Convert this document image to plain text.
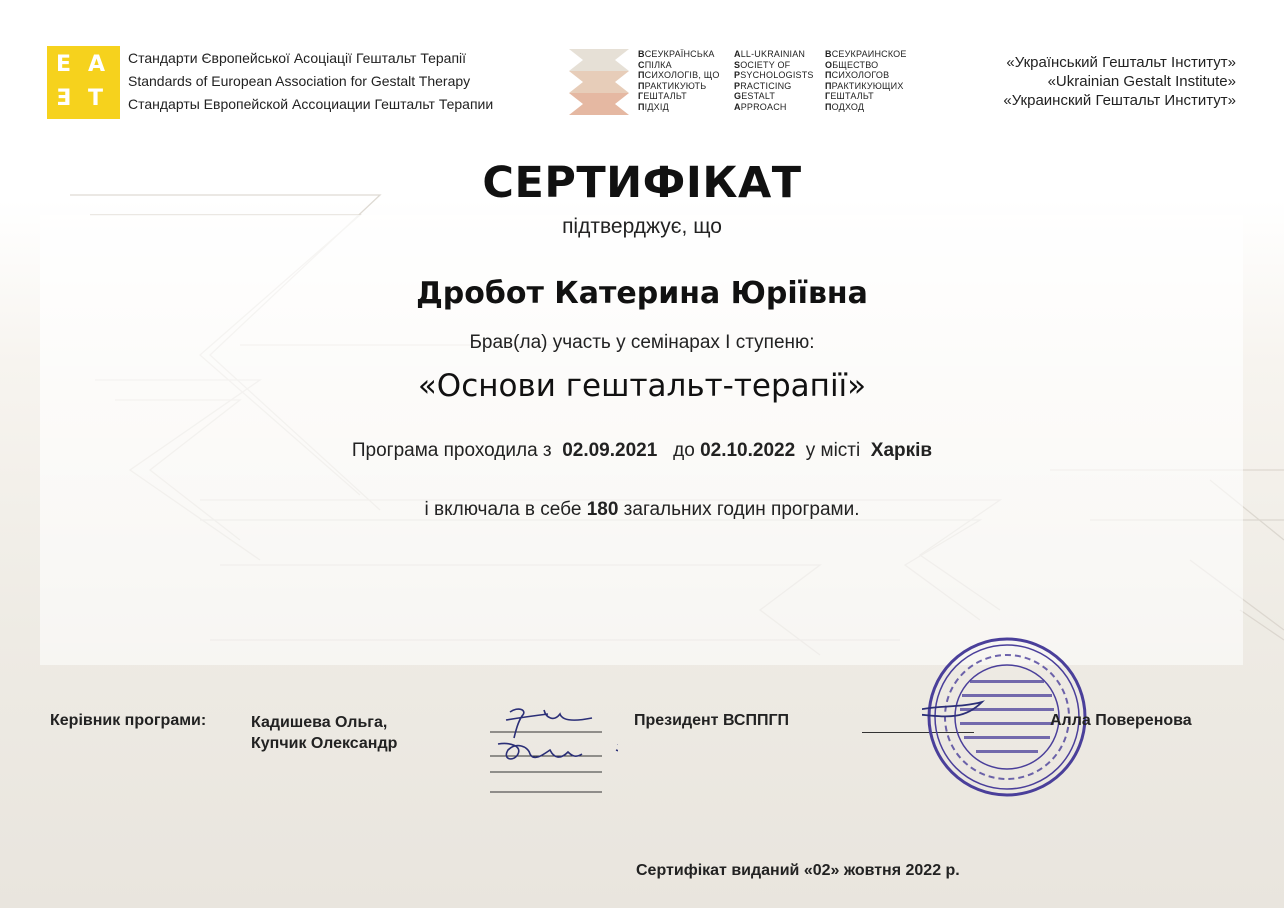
Е А
Ǝ Т
Стандарти Європейської Асоціації Гештальт Терапії
Standards of European Association for Gestalt Therapy
Стандарты Европейской Ассоциации Гештальт Терапии
ВСЕУКРАЇНСЬКА
СПІЛКА
ПСИХОЛОГІВ, ЩО
ПРАКТИКУЮТЬ
ГЕШТАЛЬТ
ПІДХІД
ALL-UKRAINIAN
SOCIETY OF
PSYCHOLOGISTS
PRACTICING
GESTALT
APPROACH
ВСЕУКРАИНСКОЕ
ОБЩЕСТВО
ПСИХОЛОГОВ
ПРАКТИКУЮЩИХ
ГЕШТАЛЬТ
ПОДХОД
«Український Гештальт Інститут»
«Ukrainian Gestalt Institute»
«Украинский Гештальт Институт»
СЕРТИФІКАТ
підтверджує, що
Дробот Катерина Юріївна
Брав(ла) участь у семінарах І ступеню:
«Основи гештальт-терапії»
Програма проходила з 02.09.2021 до 02.10.2022 у місті Харків
і включала в себе 180 загальних годин програми.
Керівник програми:	Кадишева Ольга,
Купчик Олександр
Президент ВСППГП	Алла Поверенова
Сертифікат виданий «02» жовтня 2022 р.
